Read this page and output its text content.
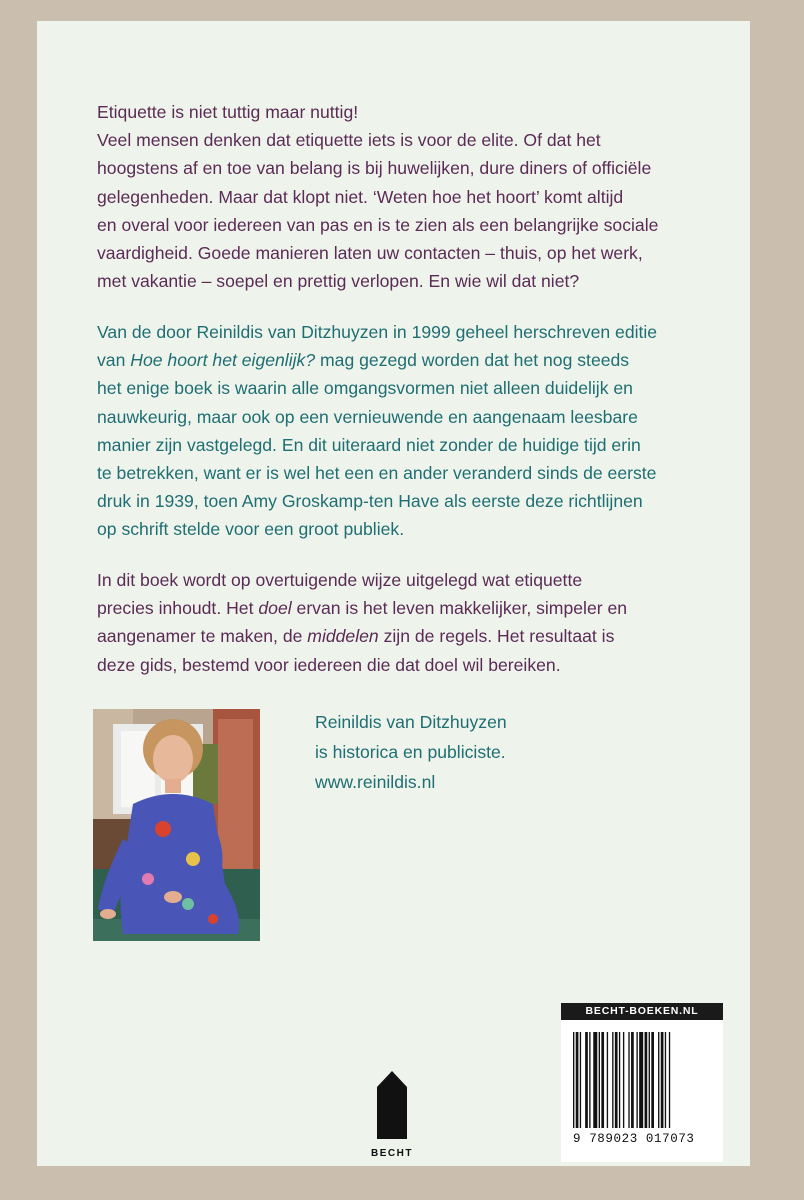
Etiquette is niet tuttig maar nuttig!
Veel mensen denken dat etiquette iets is voor de elite. Of dat het
hoogstens af en toe van belang is bij huwelijken, dure diners of officiële
gelegenheden. Maar dat klopt niet. ‘Weten hoe het hoort’ komt altijd
en overal voor iedereen van pas en is te zien als een belangrijke sociale
vaardigheid. Goede manieren laten uw contacten – thuis, op het werk,
met vakantie – soepel en prettig verlopen. En wie wil dat niet?
Van de door Reinildis van Ditzhuyzen in 1999 geheel herschreven editie
van Hoe hoort het eigenlijk? mag gezegd worden dat het nog steeds
het enige boek is waarin alle omgangsvormen niet alleen duidelijk en
nauwkeurig, maar ook op een vernieuwende en aangenaam leesbare
manier zijn vastgelegd. En dit uiteraard niet zonder de huidige tijd erin
te betrekken, want er is wel het een en ander veranderd sinds de eerste
druk in 1939, toen Amy Groskamp-ten Have als eerste deze richtlijnen
op schrift stelde voor een groot publiek.
In dit boek wordt op overtuigende wijze uitgelegd wat etiquette
precies inhoudt. Het doel ervan is het leven makkelijker, simpeler en
aangenamer te maken, de middelen zijn de regels. Het resultaat is
deze gids, bestemd voor iedereen die dat doel wil bereiken.
Reinildis van Ditzhuyzen
is historica en publiciste.
www.reinildis.nl
BECHT
BECHT-BOEKEN.NL
9 789023 017073
